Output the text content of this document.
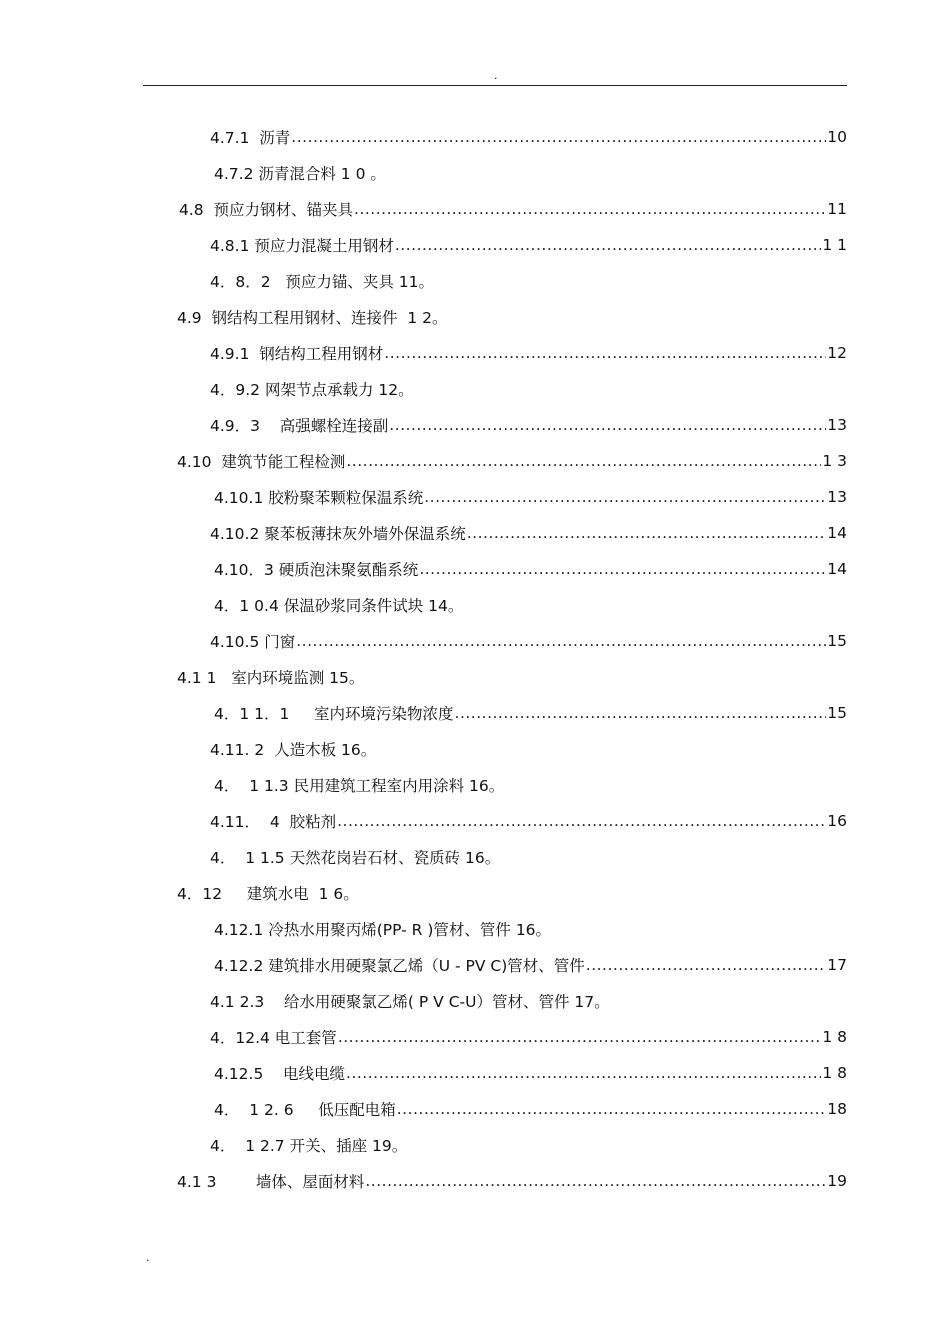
.
4.7.1  沥青 .....	10
4.7.2 沥青混合料 1 0 ｡
4.8  预应力钢材、锚夹具 .....	11
4.8.1 预应力混凝土用钢材 .....	1 1
4．8．2   预应力锚、夹具 11｡
4.9  钢结构工程用钢材、连接件  1 2｡
4.9.1  钢结构工程用钢材 .....	12
4．9.2 网架节点承载力 12｡
4.9．3    高强螺栓连接副 .....	13
4.10  建筑节能工程检测 .....	1 3
4.10.1 胶粉聚苯颗粒保温系统 .....	13
4.10.2 聚苯板薄抹灰外墙外保温系统 .....	14
4.10．3 硬质泡沫聚氨酯系统 .....	14
4．1 0.4 保温砂浆同条件试块 14｡
4.10.5 门窗 .....	15
4.1 1   室内环境监测 15｡
4．1 1．1     室内环境污染物浓度 .....	15
4.11. 2  人造木板 16｡
4．  1 1.3 民用建筑工程室内用涂料 16｡
4.11．  4  胶粘剂 .....	16
4．  1 1.5 天然花岗岩石材、瓷质砖 16｡
4．12     建筑水电  1 6｡
4.12.1 冷热水用聚丙烯(PP- R )管材、管件 16｡
4.12.2 建筑排水用硬聚氯乙烯（U - PV C)管材、管件 .....	17
4.1 2.3    给水用硬聚氯乙烯( P V C-U）管材、管件 17｡
4．12.4 电工套管 .....	1 8
4.12.5    电线电缆 .....	1 8
4．  1 2. 6     低压配电箱 .....	18
4．  1 2.7 开关、插座 19｡
4.1 3        墙体、屋面材料 .....	19
.
